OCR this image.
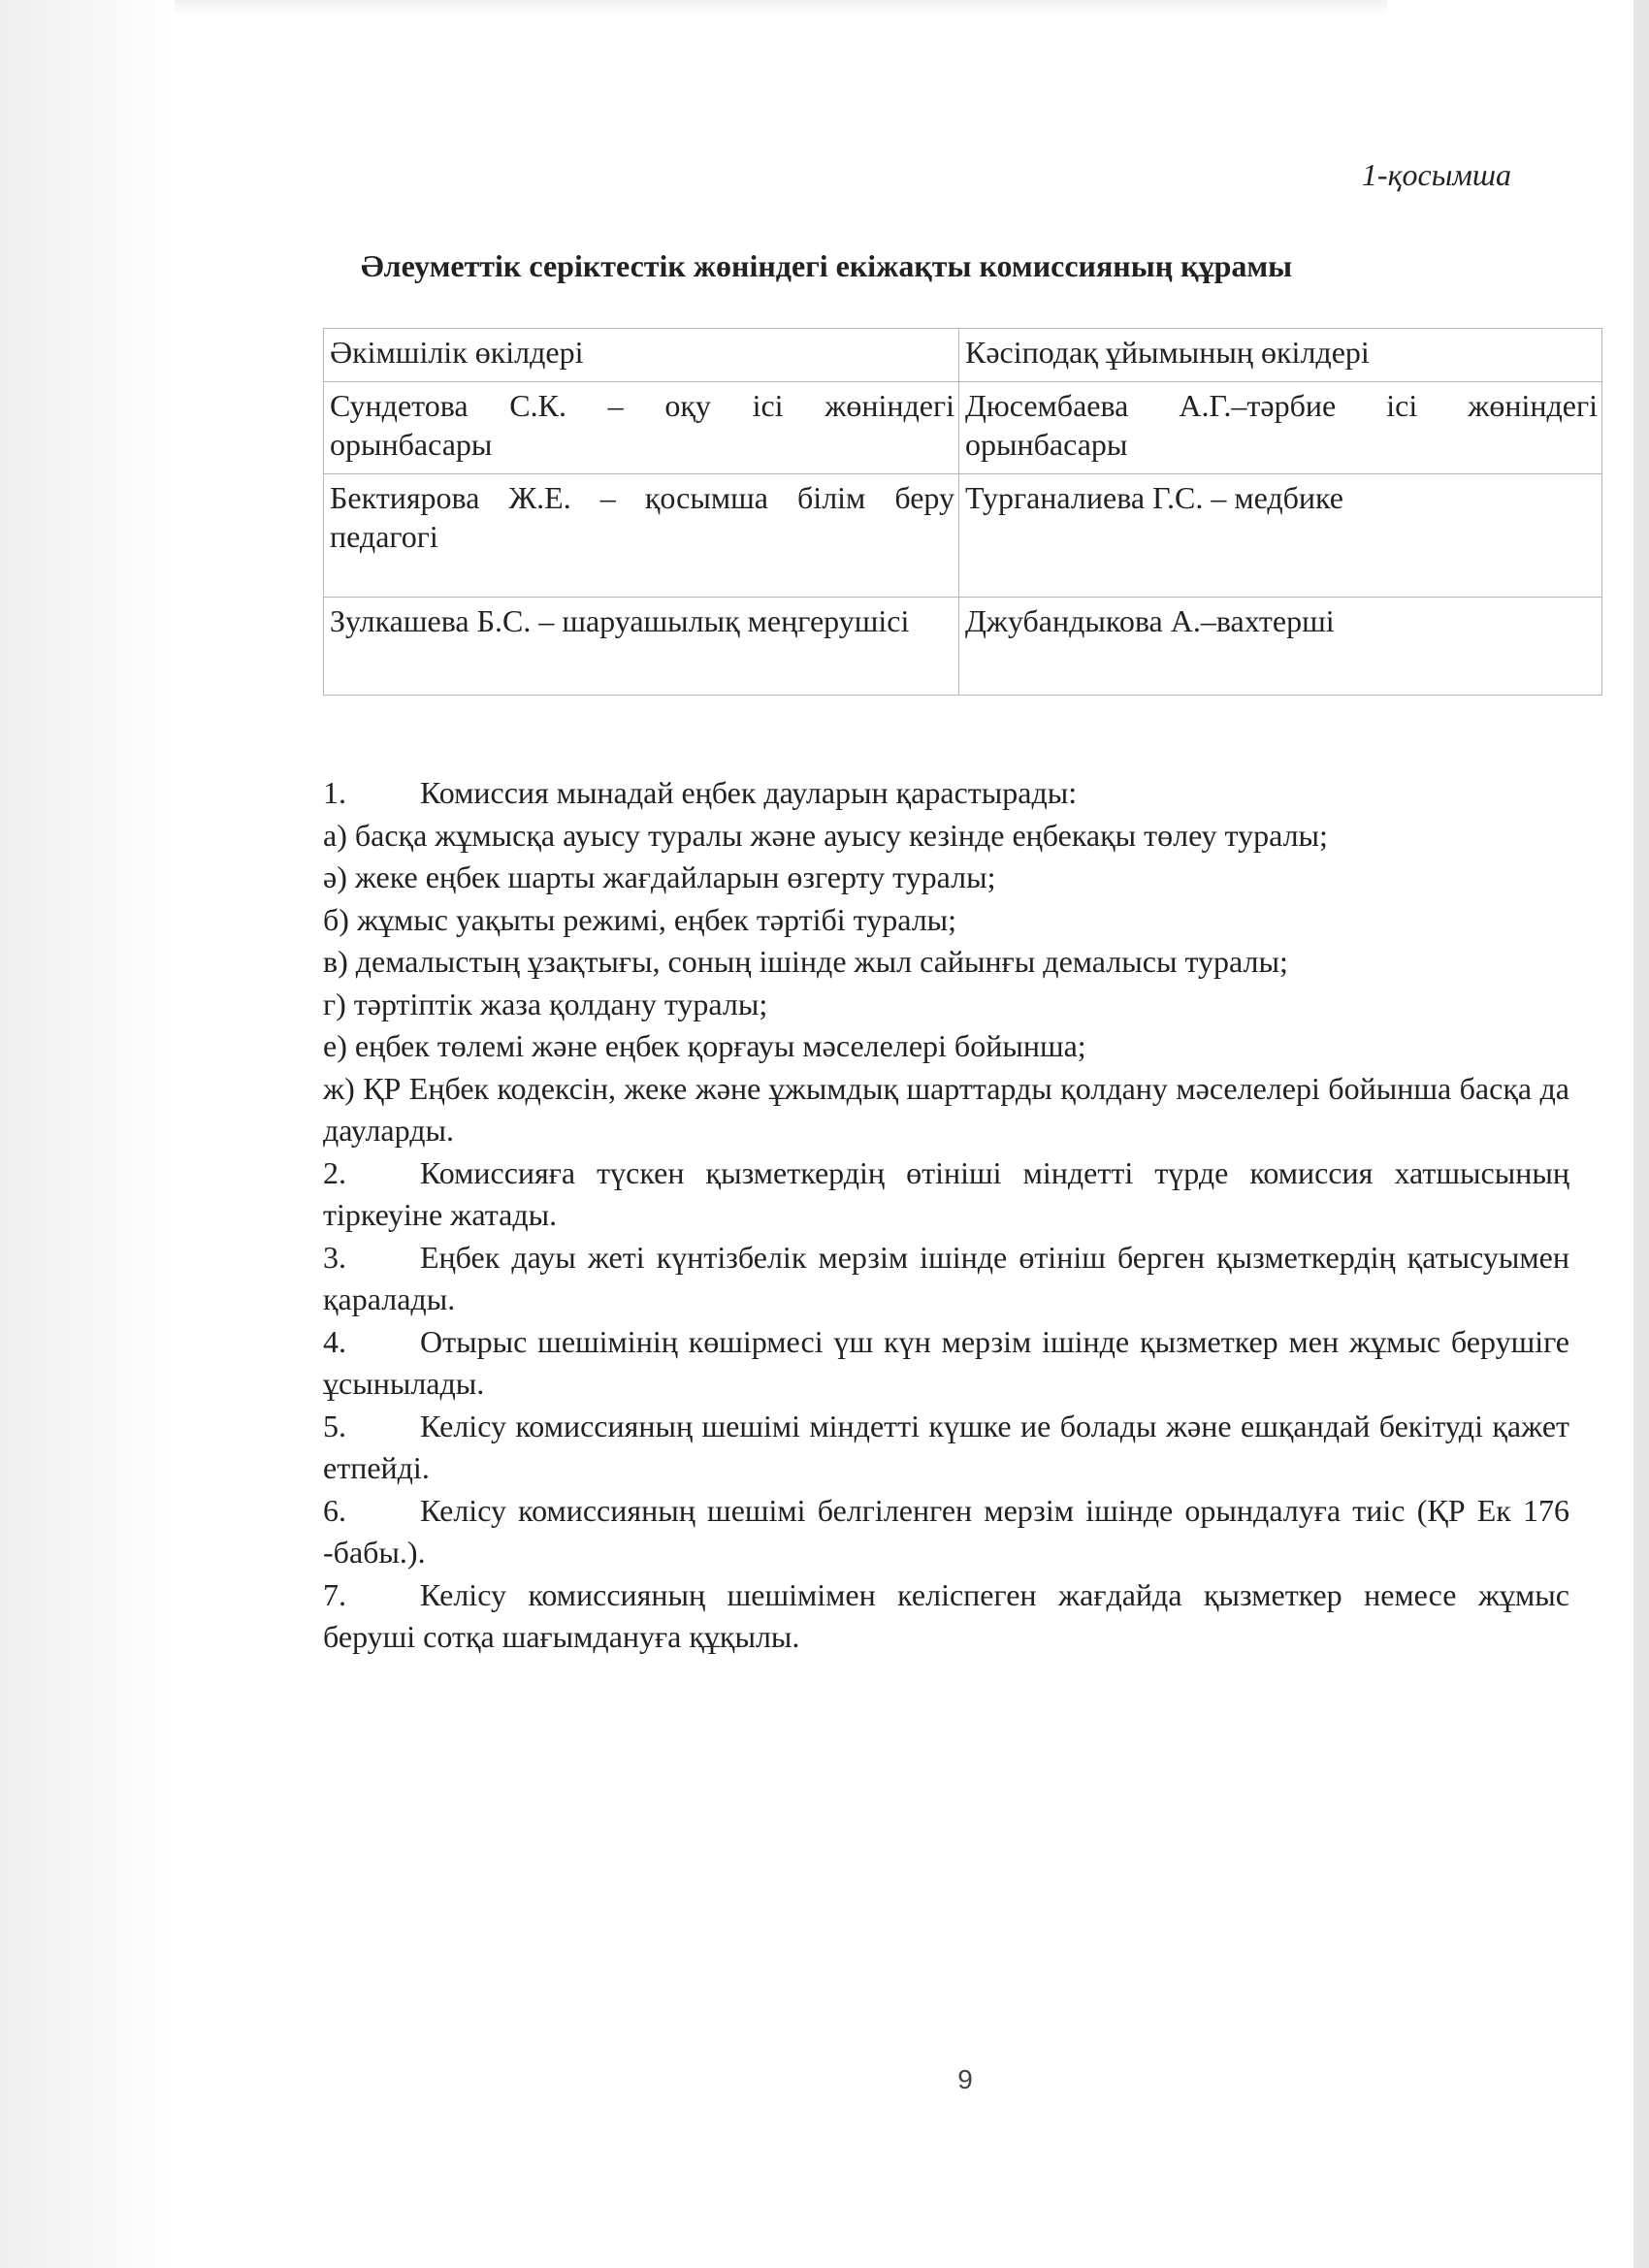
1-қосымша
Әлеуметтік серіктестік жөніндегі екіжақты комиссияның құрамы
Әкімшілік өкілдері	Кәсіподақ ұйымының өкілдері
Сундетова С.К. – оқу ісі жөніндегі орынбасары	Дюсембаева А.Г.–тәрбие ісі жөніндегі орынбасары
Бектиярова Ж.Е. – қосымша білім беру педагогі	Турганалиева Г.С. – медбике
Зулкашева Б.С. – шаруашылық меңгерушісі	Джубандыкова А.–вахтерші

1. Комиссия мынадай еңбек дауларын қарастырады:

а) басқа жұмысқа ауысу туралы және ауысу кезінде еңбекақы төлеу туралы;

ә) жеке еңбек шарты жағдайларын өзгерту туралы;

б) жұмыс уақыты режимі, еңбек тәртібі туралы;

в) демалыстың ұзақтығы, соның ішінде жыл сайынғы демалысы туралы;

г) тәртіптік жаза қолдану туралы;

е) еңбек төлемі және еңбек қорғауы мәселелері бойынша;

ж) ҚР Еңбек кодексін, жеке және ұжымдық шарттарды қолдану мәселелері бойынша басқа да дауларды.

2. Комиссияға түскен қызметкердің өтініші міндетті түрде комиссия хатшысының тіркеуіне жатады.

3. Еңбек дауы жеті күнтізбелік мерзім ішінде өтініш берген қызметкердің қатысуымен қаралады.

4. Отырыс шешімінің көшірмесі үш күн мерзім ішінде қызметкер мен жұмыс берушіге ұсынылады.

5. Келісу комиссияның шешімі міндетті күшке ие болады және ешқандай бекітуді қажет етпейді.

6. Келісу комиссияның шешімі белгіленген мерзім ішінде орындалуға тиіс (ҚР Ек 176 -бабы.).

7. Келісу комиссияның шешімімен келіспеген жағдайда қызметкер немесе жұмыс беруші сотқа шағымдануға құқылы.

9
